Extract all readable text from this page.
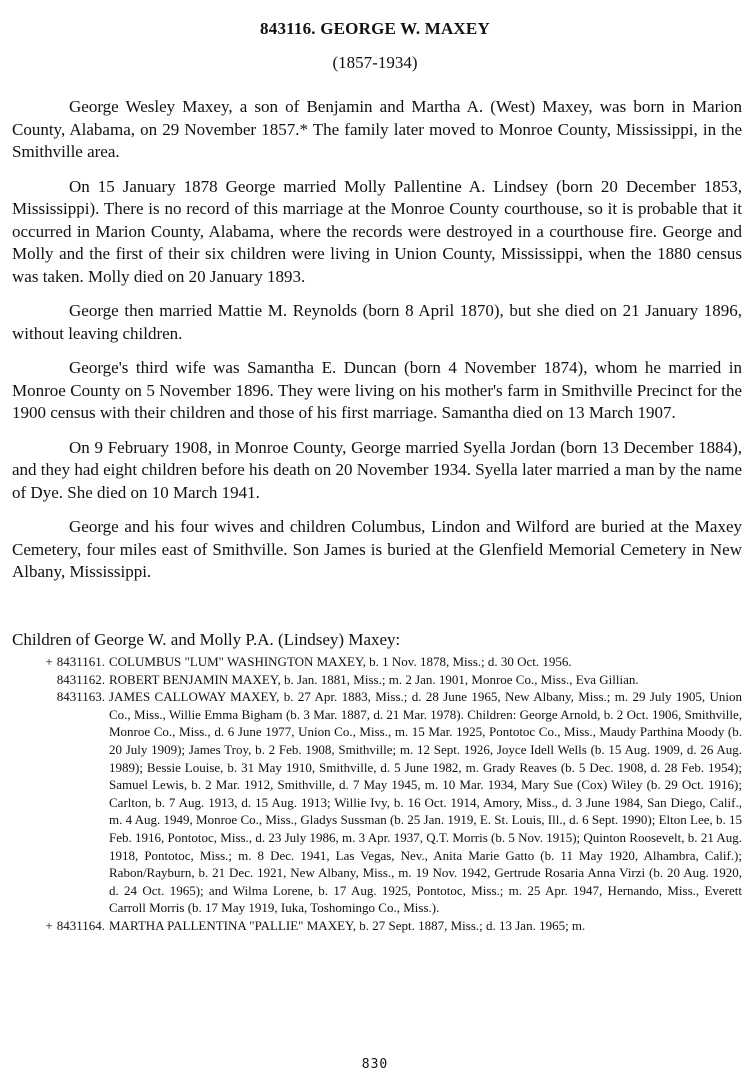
843116. GEORGE W. MAXEY
(1857-1934)

George Wesley Maxey, a son of Benjamin and Martha A. (West) Maxey, was born in Marion County, Alabama, on 29 November 1857.* The family later moved to Monroe County, Mississippi, in the Smithville area.

On 15 January 1878 George married Molly Pallentine A. Lindsey (born 20 December 1853, Mississippi). There is no record of this marriage at the Monroe County courthouse, so it is probable that it occurred in Marion County, Alabama, where the records were destroyed in a courthouse fire. George and Molly and the first of their six children were living in Union County, Mississippi, when the 1880 census was taken. Molly died on 20 January 1893.

George then married Mattie M. Reynolds (born 8 April 1870), but she died on 21 January 1896, without leaving children.

George's third wife was Samantha E. Duncan (born 4 November 1874), whom he married in Monroe County on 5 November 1896. They were living on his mother's farm in Smithville Precinct for the 1900 census with their children and those of his first marriage. Samantha died on 13 March 1907.

On 9 February 1908, in Monroe County, George married Syella Jordan (born 13 December 1884), and they had eight children before his death on 20 November 1934. Syella later married a man by the name of Dye. She died on 10 March 1941.

George and his four wives and children Columbus, Lindon and Wilford are buried at the Maxey Cemetery, four miles east of Smithville. Son James is buried at the Glenfield Memorial Cemetery in New Albany, Mississippi.

Children of George W. and Molly P.A. (Lindsey) Maxey:
+ 8431161. COLUMBUS "LUM" WASHINGTON MAXEY, b. 1 Nov. 1878, Miss.; d. 30 Oct. 1956.
8431162. ROBERT BENJAMIN MAXEY, b. Jan. 1881, Miss.; m. 2 Jan. 1901, Monroe Co., Miss., Eva Gillian.
8431163. JAMES CALLOWAY MAXEY, b. 27 Apr. 1883, Miss.; d. 28 June 1965, New Albany, Miss.; m. 29 July 1905, Union Co., Miss., Willie Emma Bigham (b. 3 Mar. 1887, d. 21 Mar. 1978). Children: George Arnold, b. 2 Oct. 1906, Smithville, Monroe Co., Miss., d. 6 June 1977, Union Co., Miss., m. 15 Mar. 1925, Pontotoc Co., Miss., Maudy Parthina Moody (b. 20 July 1909); James Troy, b. 2 Feb. 1908, Smithville; m. 12 Sept. 1926, Joyce Idell Wells (b. 15 Aug. 1909, d. 26 Aug. 1989); Bessie Louise, b. 31 May 1910, Smithville, d. 5 June 1982, m. Grady Reaves (b. 5 Dec. 1908, d. 28 Feb. 1954); Samuel Lewis, b. 2 Mar. 1912, Smithville, d. 7 May 1945, m. 10 Mar. 1934, Mary Sue (Cox) Wiley (b. 29 Oct. 1916); Carlton, b. 7 Aug. 1913, d. 15 Aug. 1913; Willie Ivy, b. 16 Oct. 1914, Amory, Miss., d. 3 June 1984, San Diego, Calif., m. 4 Aug. 1949, Monroe Co., Miss., Gladys Sussman (b. 25 Jan. 1919, E. St. Louis, Ill., d. 6 Sept. 1990); Elton Lee, b. 15 Feb. 1916, Pontotoc, Miss., d. 23 July 1986, m. 3 Apr. 1937, Q.T. Morris (b. 5 Nov. 1915); Quinton Roosevelt, b. 21 Aug. 1918, Pontotoc, Miss.; m. 8 Dec. 1941, Las Vegas, Nev., Anita Marie Gatto (b. 11 May 1920, Alhambra, Calif.); Rabon/Rayburn, b. 21 Dec. 1921, New Albany, Miss., m. 19 Nov. 1942, Gertrude Rosaria Anna Virzi (b. 20 Aug. 1920, d. 24 Oct. 1965); and Wilma Lorene, b. 17 Aug. 1925, Pontotoc, Miss.; m. 25 Apr. 1947, Hernando, Miss., Everett Carroll Morris (b. 17 May 1919, Iuka, Toshomingo Co., Miss.).
+ 8431164. MARTHA PALLENTINA "PALLIE" MAXEY, b. 27 Sept. 1887, Miss.; d. 13 Jan. 1965; m.
830
